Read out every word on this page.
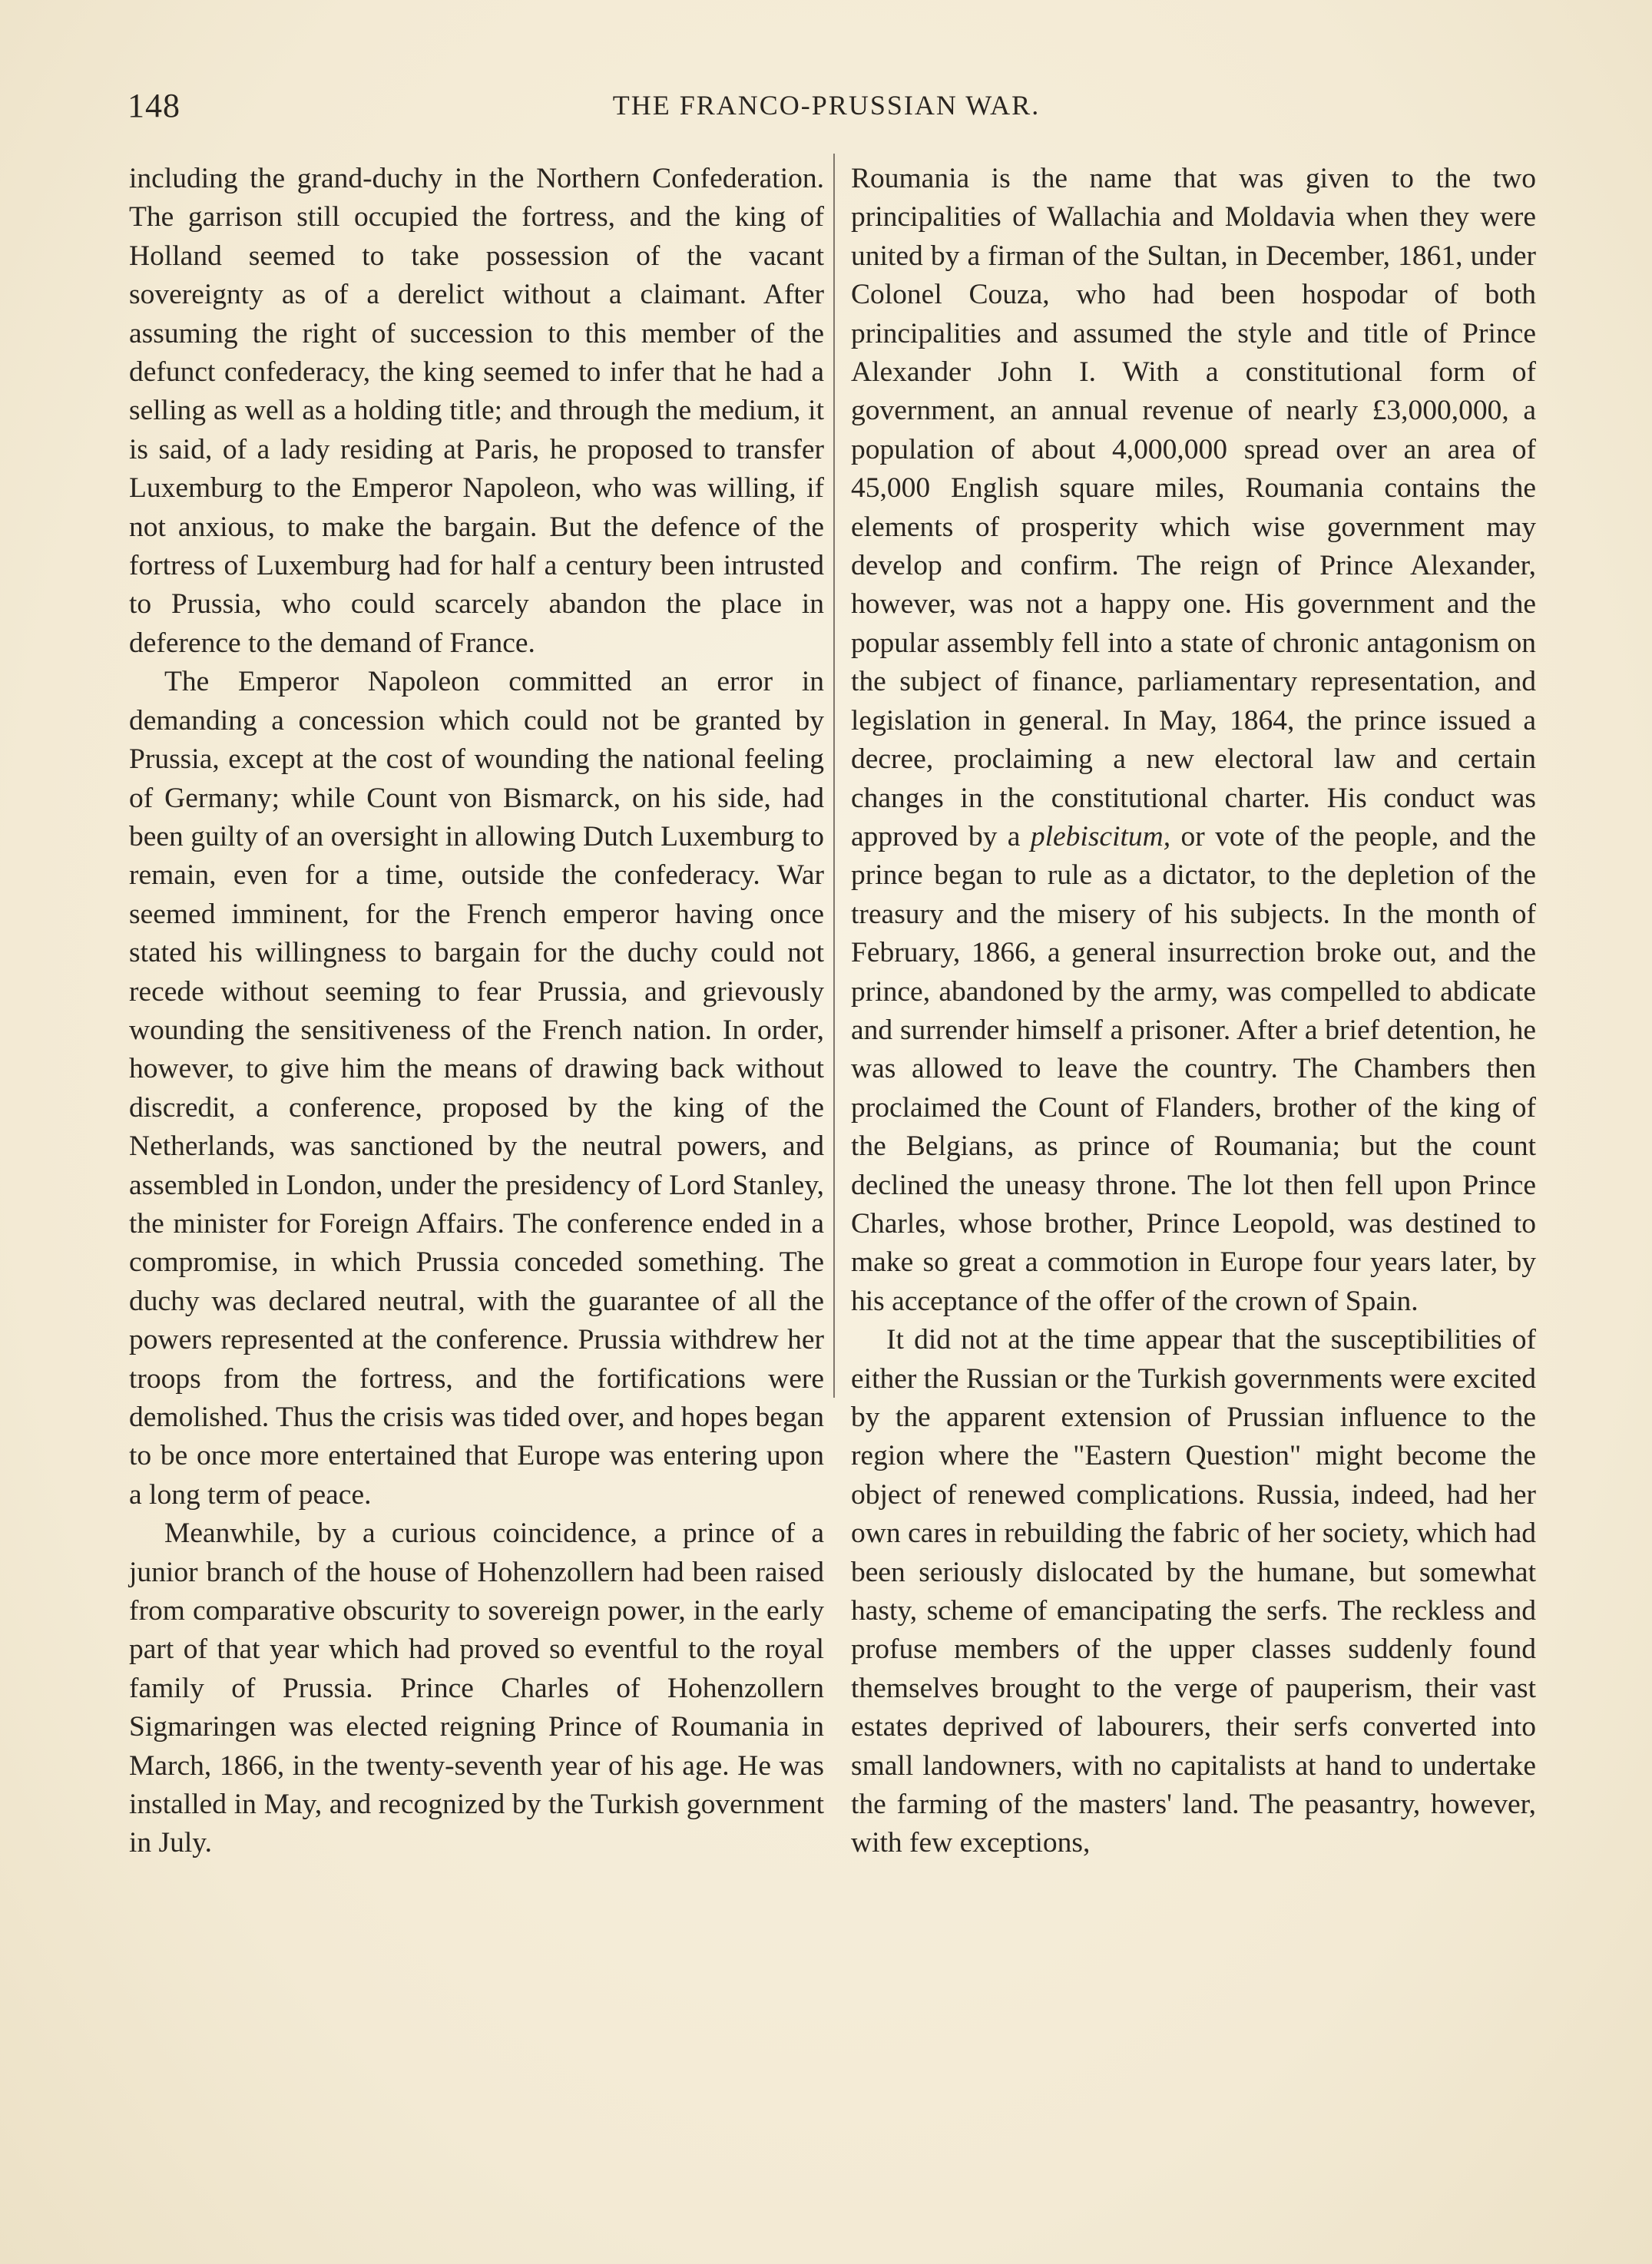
148	THE FRANCO-PRUSSIAN WAR.

including the grand-duchy in the Northern Confederation. The garrison still occupied the fortress, and the king of Holland seemed to take possession of the vacant sovereignty as of a derelict without a claimant. After assuming the right of succession to this member of the defunct confederacy, the king seemed to infer that he had a selling as well as a holding title; and through the medium, it is said, of a lady residing at Paris, he proposed to transfer Luxemburg to the Emperor Napoleon, who was willing, if not anxious, to make the bargain. But the defence of the fortress of Luxemburg had for half a century been intrusted to Prussia, who could scarcely abandon the place in deference to the demand of France.

The Emperor Napoleon committed an error in demanding a concession which could not be granted by Prussia, except at the cost of wounding the national feeling of Germany; while Count von Bismarck, on his side, had been guilty of an oversight in allowing Dutch Luxemburg to remain, even for a time, outside the confederacy. War seemed imminent, for the French emperor having once stated his willingness to bargain for the duchy could not recede without seeming to fear Prussia, and grievously wounding the sensitiveness of the French nation. In order, however, to give him the means of drawing back without discredit, a conference, proposed by the king of the Netherlands, was sanctioned by the neutral powers, and assembled in London, under the presidency of Lord Stanley, the minister for Foreign Affairs. The conference ended in a compromise, in which Prussia conceded something. The duchy was declared neutral, with the guarantee of all the powers represented at the conference. Prussia withdrew her troops from the fortress, and the fortifications were demolished. Thus the crisis was tided over, and hopes began to be once more entertained that Europe was entering upon a long term of peace.

Meanwhile, by a curious coincidence, a prince of a junior branch of the house of Hohenzollern had been raised from comparative obscurity to sovereign power, in the early part of that year which had proved so eventful to the royal family of Prussia. Prince Charles of Hohenzollern Sigmaringen was elected reigning Prince of Roumania in March, 1866, in the twenty-seventh year of his age. He was installed in May, and recognized by the Turkish government in July.

Roumania is the name that was given to the two principalities of Wallachia and Moldavia when they were united by a firman of the Sultan, in December, 1861, under Colonel Couza, who had been hospodar of both principalities and assumed the style and title of Prince Alexander John I. With a constitutional form of government, an annual revenue of nearly £3,000,000, a population of about 4,000,000 spread over an area of 45,000 English square miles, Roumania contains the elements of prosperity which wise government may develop and confirm. The reign of Prince Alexander, however, was not a happy one. His government and the popular assembly fell into a state of chronic antagonism on the subject of finance, parliamentary representation, and legislation in general. In May, 1864, the prince issued a decree, proclaiming a new electoral law and certain changes in the constitutional charter. His conduct was approved by a plebiscitum, or vote of the people, and the prince began to rule as a dictator, to the depletion of the treasury and the misery of his subjects. In the month of February, 1866, a general insurrection broke out, and the prince, abandoned by the army, was compelled to abdicate and surrender himself a prisoner. After a brief detention, he was allowed to leave the country. The Chambers then proclaimed the Count of Flanders, brother of the king of the Belgians, as prince of Roumania; but the count declined the uneasy throne. The lot then fell upon Prince Charles, whose brother, Prince Leopold, was destined to make so great a commotion in Europe four years later, by his acceptance of the offer of the crown of Spain.

It did not at the time appear that the susceptibilities of either the Russian or the Turkish governments were excited by the apparent extension of Prussian influence to the region where the "Eastern Question" might become the object of renewed complications. Russia, indeed, had her own cares in rebuilding the fabric of her society, which had been seriously dislocated by the humane, but somewhat hasty, scheme of emancipating the serfs. The reckless and profuse members of the upper classes suddenly found themselves brought to the verge of pauperism, their vast estates deprived of labourers, their serfs converted into small landowners, with no capitalists at hand to undertake the farming of the masters' land. The peasantry, however, with few exceptions,
